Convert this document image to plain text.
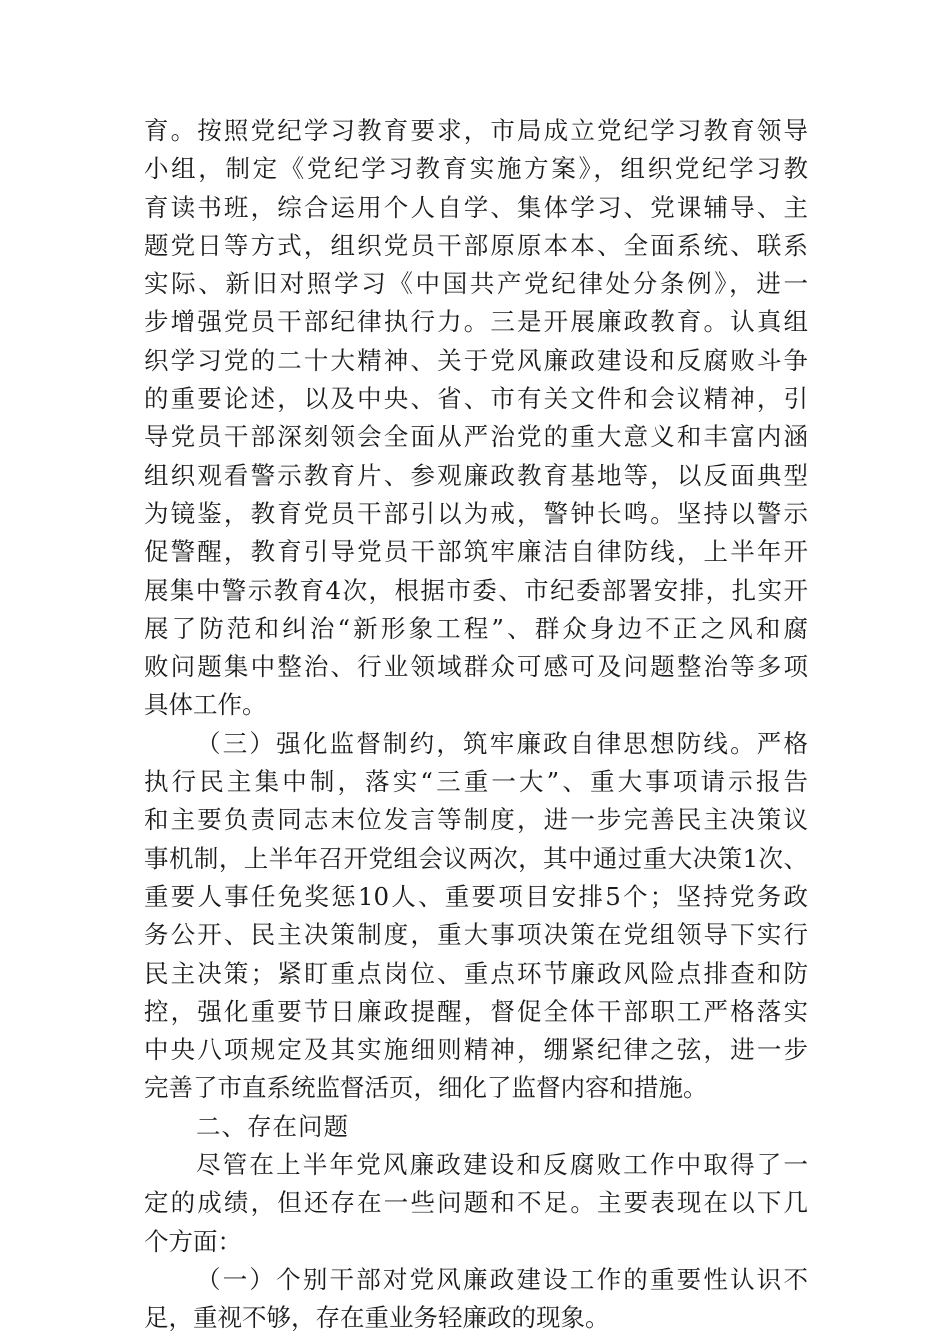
育。按照党纪学习教育要求，市局成立党纪学习教育领导
小组，制定《党纪学习教育实施方案》，组织党纪学习教
育读书班，综合运用个人自学、集体学习、党课辅导、主
题党日等方式，组织党员干部原原本本、全面系统、联系
实际、新旧对照学习《中国共产党纪律处分条例》，进一
步增强党员干部纪律执行力。三是开展廉政教育。认真组
织学习党的二十大精神、关于党风廉政建设和反腐败斗争
的重要论述，以及中央、省、市有关文件和会议精神，引
导党员干部深刻领会全面从严治党的重大意义和丰富内涵
组织观看警示教育片、参观廉政教育基地等，以反面典型
为镜鉴，教育党员干部引以为戒，警钟长鸣。坚持以警示
促警醒，教育引导党员干部筑牢廉洁自律防线，上半年开
展集中警示教育4次，根据市委、市纪委部署安排，扎实开
展了防范和纠治“新形象工程”、群众身边不正之风和腐
败问题集中整治、行业领域群众可感可及问题整治等多项
具体工作。
（三）强化监督制约，筑牢廉政自律思想防线。严格
执行民主集中制，落实“三重一大”、重大事项请示报告
和主要负责同志末位发言等制度，进一步完善民主决策议
事机制，上半年召开党组会议两次，其中通过重大决策1次、
重要人事任免奖惩10人、重要项目安排5个；坚持党务政
务公开、民主决策制度，重大事项决策在党组领导下实行
民主决策；紧盯重点岗位、重点环节廉政风险点排查和防
控，强化重要节日廉政提醒，督促全体干部职工严格落实
中央八项规定及其实施细则精神，绷紧纪律之弦，进一步
完善了市直系统监督活页，细化了监督内容和措施。
二、存在问题
尽管在上半年党风廉政建设和反腐败工作中取得了一
定的成绩，但还存在一些问题和不足。主要表现在以下几
个方面：
（一）个别干部对党风廉政建设工作的重要性认识不
足，重视不够，存在重业务轻廉政的现象。
